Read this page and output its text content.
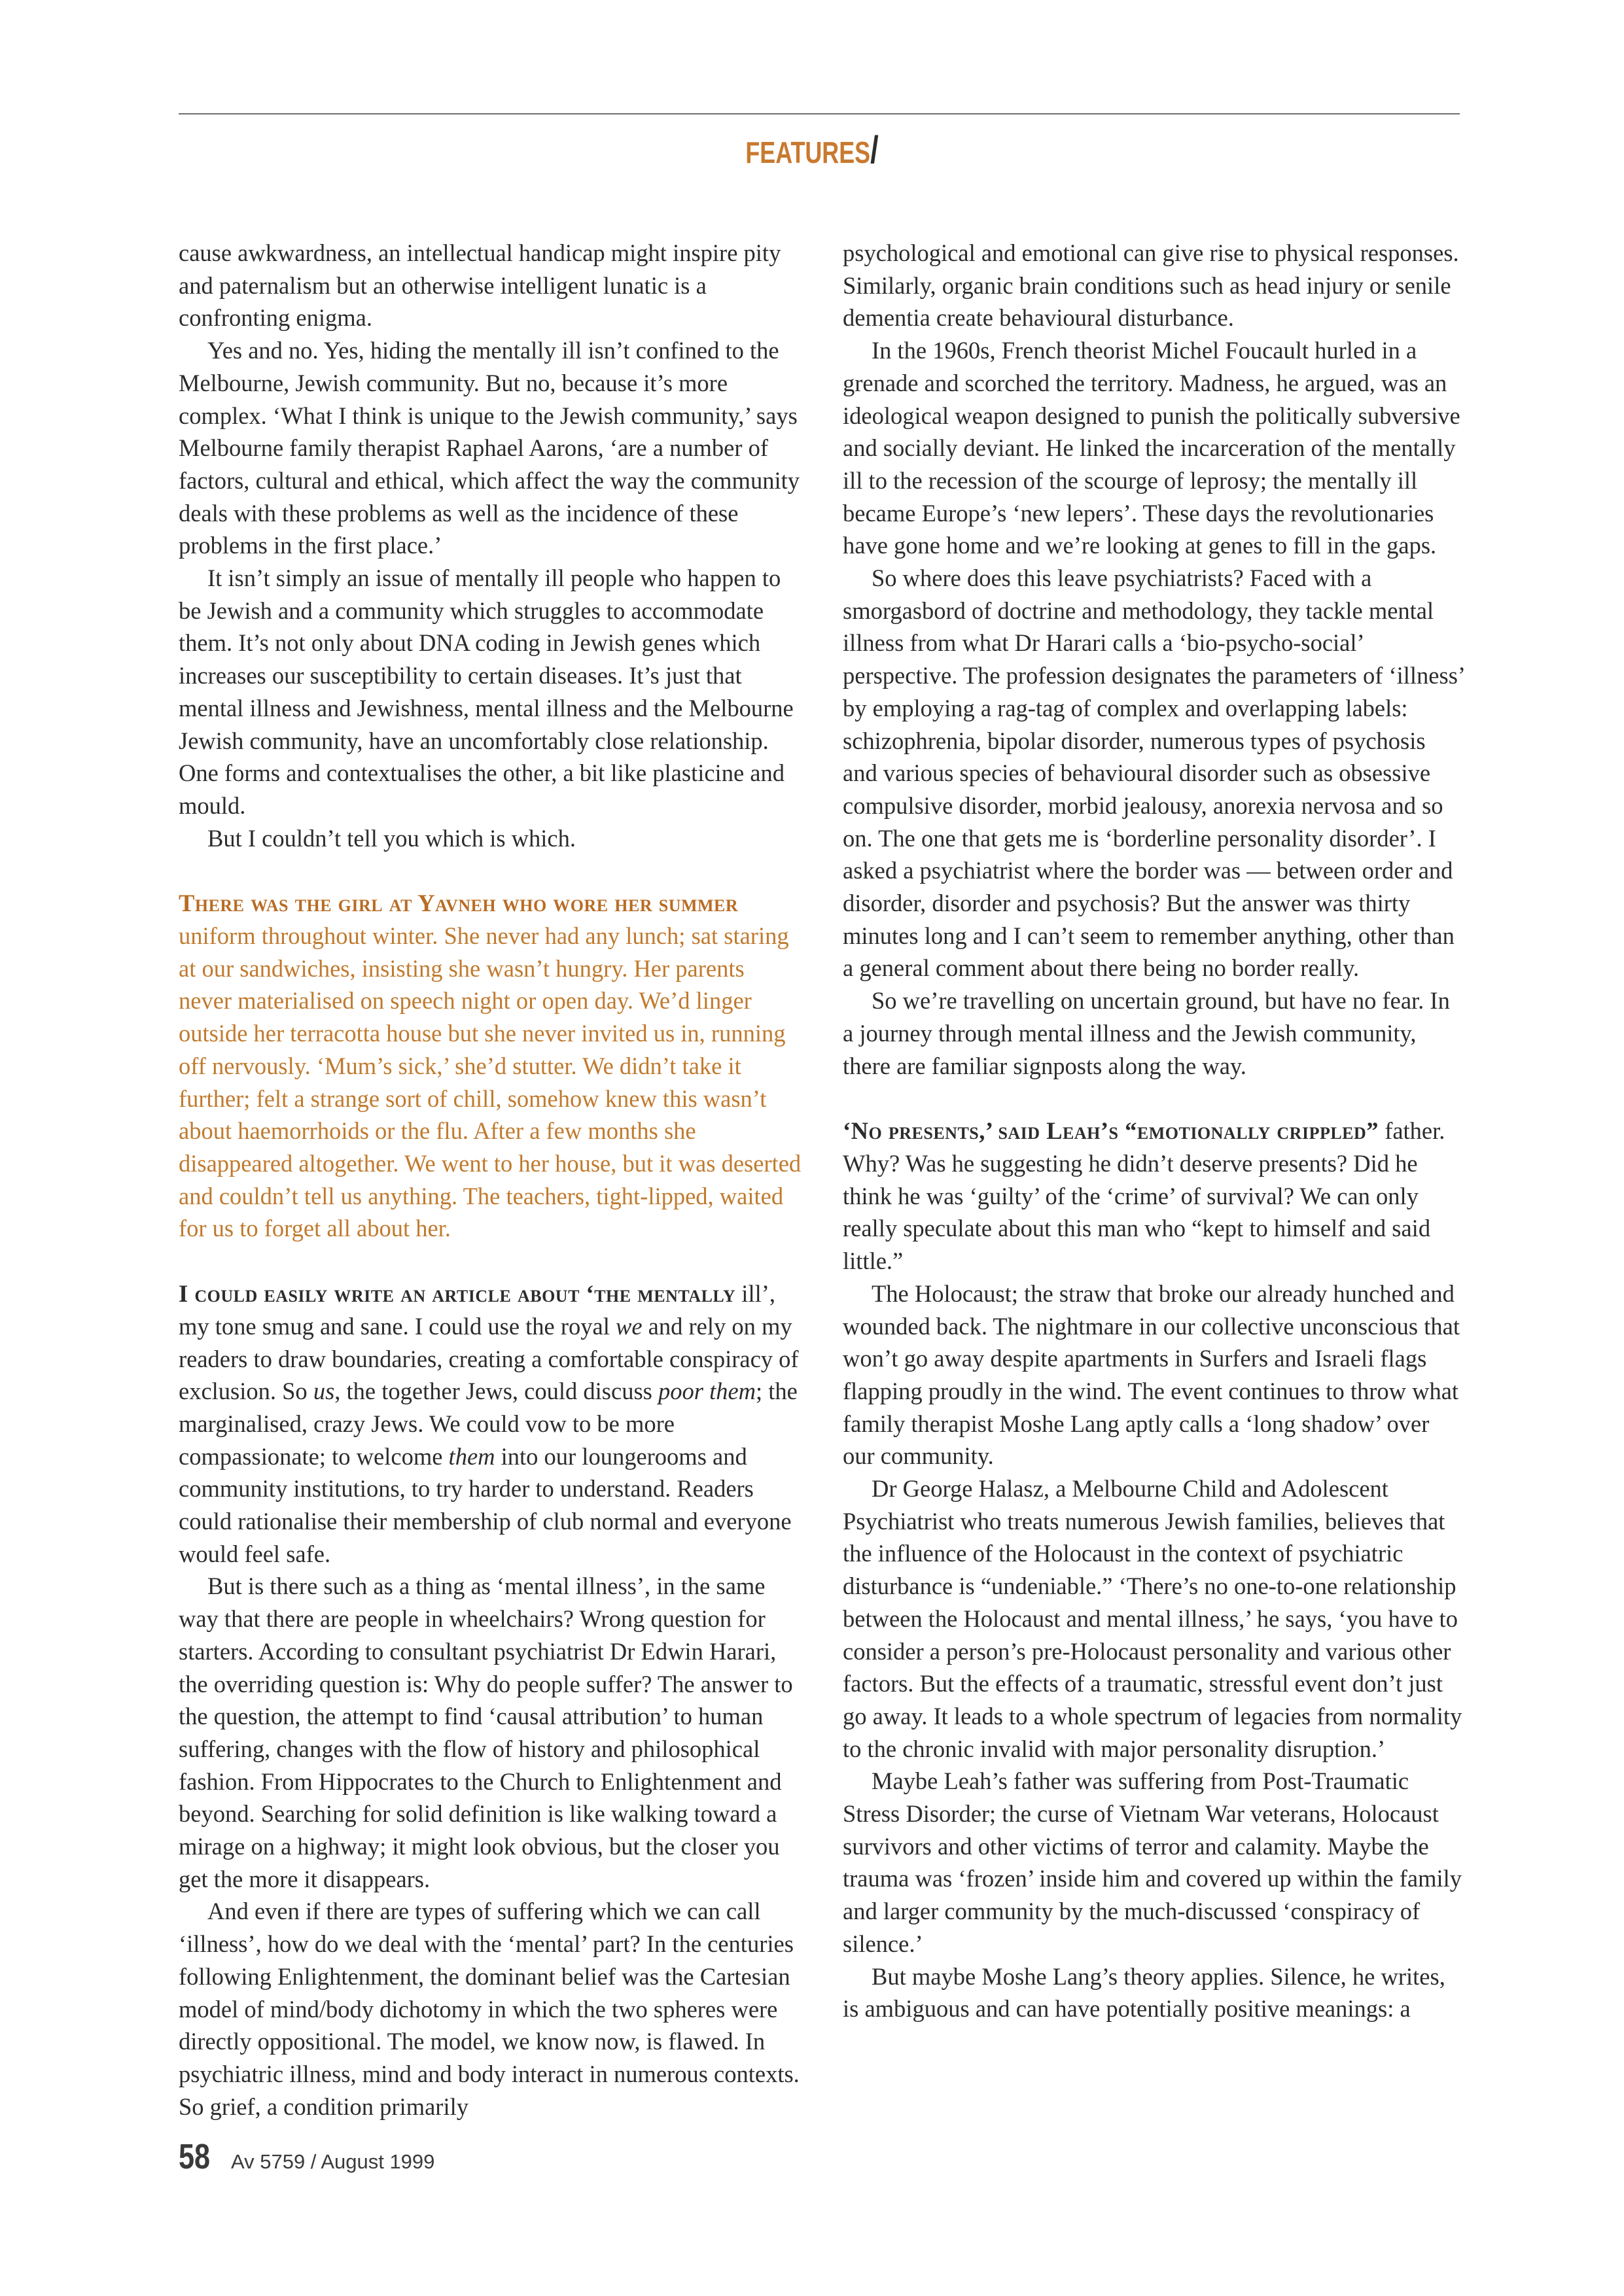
FEATURES/

cause awkwardness, an intellectual handicap might inspire pity and paternalism but an otherwise intelligent lunatic is a confronting enigma.

Yes and no. Yes, hiding the mentally ill isn’t confined to the Melbourne, Jewish community. But no, because it’s more complex. ‘What I think is unique to the Jewish community,’ says Melbourne family therapist Raphael Aarons, ‘are a number of factors, cultural and ethical, which affect the way the community deals with these problems as well as the incidence of these problems in the first place.’

It isn’t simply an issue of mentally ill people who happen to be Jewish and a community which struggles to accommodate them. It’s not only about DNA coding in Jewish genes which increases our susceptibility to certain diseases. It’s just that mental illness and Jewishness, mental illness and the Melbourne Jewish community, have an uncomfortably close relationship. One forms and contextualises the other, a bit like plasticine and mould.

But I couldn’t tell you which is which.

There was the girl at Yavneh who wore her summer uniform throughout winter. She never had any lunch; sat staring at our sandwiches, insisting she wasn’t hungry. Her parents never materialised on speech night or open day. We’d linger outside her terracotta house but she never invited us in, running off nervously. ‘Mum’s sick,’ she’d stutter. We didn’t take it further; felt a strange sort of chill, somehow knew this wasn’t about haemorrhoids or the flu. After a few months she disappeared altogether. We went to her house, but it was deserted and couldn’t tell us anything. The teachers, tight-lipped, waited for us to forget all about her.

I could easily write an article about ‘the mentally ill’, my tone smug and sane. I could use the royal we and rely on my readers to draw boundaries, creating a comfortable conspiracy of exclusion. So us, the together Jews, could discuss poor them; the marginalised, crazy Jews. We could vow to be more compassionate; to welcome them into our loungerooms and community institutions, to try harder to understand. Readers could rationalise their membership of club normal and everyone would feel safe.

But is there such as a thing as ‘mental illness’, in the same way that there are people in wheelchairs? Wrong question for starters. According to consultant psychiatrist Dr Edwin Harari, the overriding question is: Why do people suffer? The answer to the question, the attempt to find ‘causal attribution’ to human suffering, changes with the flow of history and philosophical fashion. From Hippocrates to the Church to Enlightenment and beyond. Searching for solid definition is like walking toward a mirage on a highway; it might look obvious, but the closer you get the more it disappears.

And even if there are types of suffering which we can call ‘illness’, how do we deal with the ‘mental’ part? In the centuries following Enlightenment, the dominant belief was the Cartesian model of mind/body dichotomy in which the two spheres were directly oppositional. The model, we know now, is flawed. In psychiatric illness, mind and body interact in numerous contexts. So grief, a condition primarily

psychological and emotional can give rise to physical responses. Similarly, organic brain conditions such as head injury or senile dementia create behavioural disturbance.

In the 1960s, French theorist Michel Foucault hurled in a grenade and scorched the territory. Madness, he argued, was an ideological weapon designed to punish the politically subversive and socially deviant. He linked the incarceration of the mentally ill to the recession of the scourge of leprosy; the mentally ill became Europe’s ‘new lepers’. These days the revolutionaries have gone home and we’re looking at genes to fill in the gaps.

So where does this leave psychiatrists? Faced with a smorgasbord of doctrine and methodology, they tackle mental illness from what Dr Harari calls a ‘bio-psycho-social’ perspective. The profession designates the parameters of ‘illness’ by employing a rag-tag of complex and overlapping labels: schizophrenia, bipolar disorder, numerous types of psychosis and various species of behavioural disorder such as obsessive compulsive disorder, morbid jealousy, anorexia nervosa and so on. The one that gets me is ‘borderline personality disorder’. I asked a psychiatrist where the border was — between order and disorder, disorder and psychosis? But the answer was thirty minutes long and I can’t seem to remember anything, other than a general comment about there being no border really.

So we’re travelling on uncertain ground, but have no fear. In a journey through mental illness and the Jewish community, there are familiar signposts along the way.

‘No presents,’ said Leah’s “emotionally crippled” father. Why? Was he suggesting he didn’t deserve presents? Did he think he was ‘guilty’ of the ‘crime’ of survival? We can only really speculate about this man who “kept to himself and said little.”

The Holocaust; the straw that broke our already hunched and wounded back. The nightmare in our collective unconscious that won’t go away despite apartments in Surfers and Israeli flags flapping proudly in the wind. The event continues to throw what family therapist Moshe Lang aptly calls a ‘long shadow’ over our community.

Dr George Halasz, a Melbourne Child and Adolescent Psychiatrist who treats numerous Jewish families, believes that the influence of the Holocaust in the context of psychiatric disturbance is “undeniable.” ‘There’s no one-to-one relationship between the Holocaust and mental illness,’ he says, ‘you have to consider a person’s pre-Holocaust personality and various other factors. But the effects of a traumatic, stressful event don’t just go away. It leads to a whole spectrum of legacies from normality to the chronic invalid with major personality disruption.’

Maybe Leah’s father was suffering from Post-Traumatic Stress Disorder; the curse of Vietnam War veterans, Holocaust survivors and other victims of terror and calamity. Maybe the trauma was ‘frozen’ inside him and covered up within the family and larger community by the much-discussed ‘conspiracy of silence.’

But maybe Moshe Lang’s theory applies. Silence, he writes, is ambiguous and can have potentially positive meanings: a

58 Av 5759 / August 1999
